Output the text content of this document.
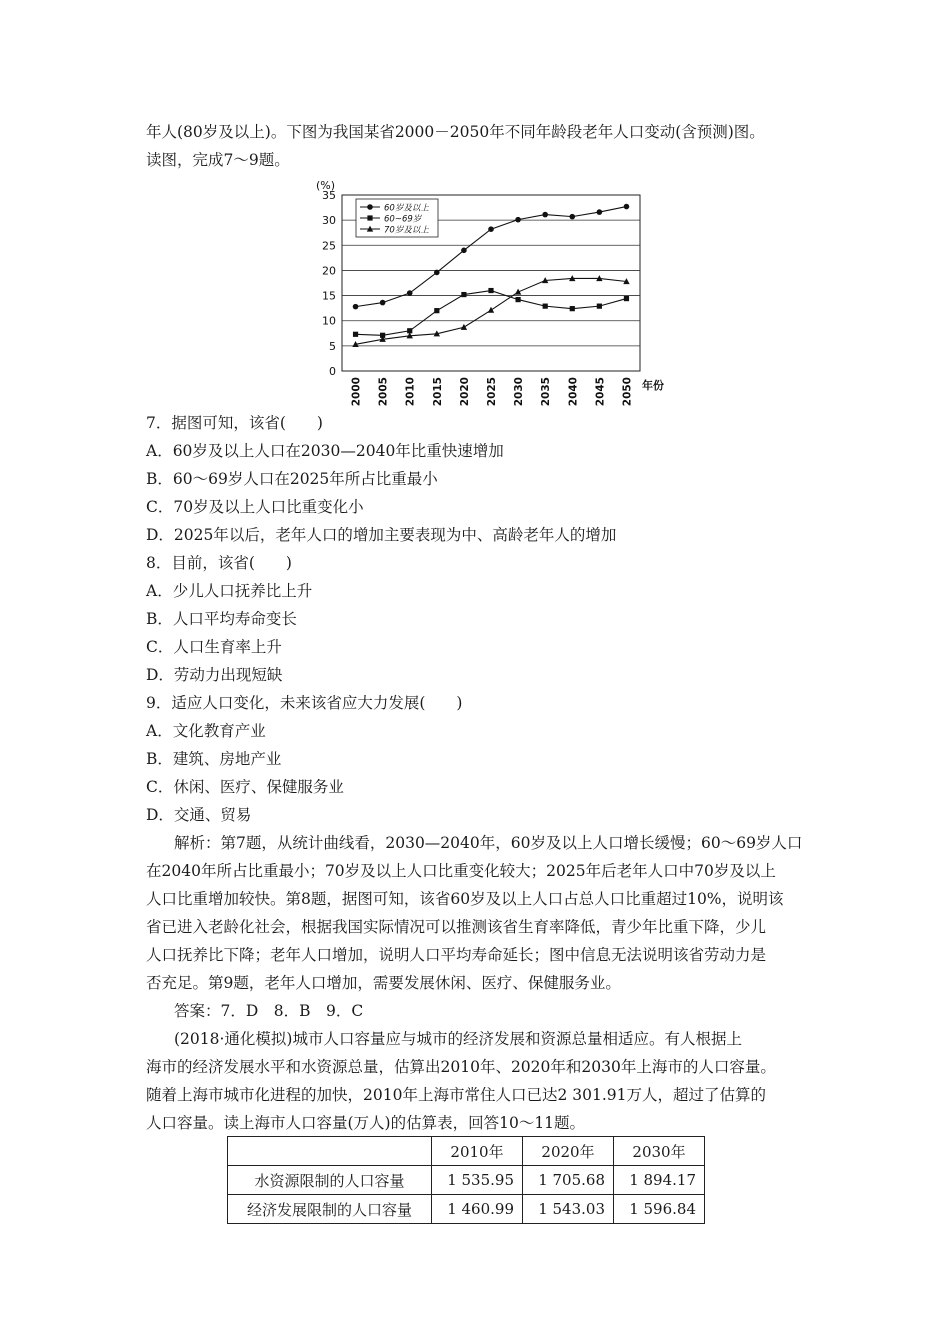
年人(80岁及以上)。下图为我国某省2000－2050年不同年龄段老年人口变动(含预测)图。
读图，完成7～9题。
0
5
10
15
20
25
30
35
(%)
2000 2005 2010 2015 2020 2025 2030 2035 2040 2045 2050 年份
60岁及以上
60~69岁
70岁及以上
7．据图可知，该省(　　)
A．60岁及以上人口在2030—2040年比重快速增加
B．60～69岁人口在2025年所占比重最小
C．70岁及以上人口比重变化小
D．2025年以后，老年人口的增加主要表现为中、高龄老年人的增加
8．目前，该省(　　)
A．少儿人口抚养比上升
B．人口平均寿命变长
C．人口生育率上升
D．劳动力出现短缺
9．适应人口变化，未来该省应大力发展(　　)
A．文化教育产业
B．建筑、房地产业
C．休闲、医疗、保健服务业
D．交通、贸易
解析：第7题，从统计曲线看，2030—2040年，60岁及以上人口增长缓慢；60～69岁人口
在2040年所占比重最小；70岁及以上人口比重变化较大；2025年后老年人口中70岁及以上
人口比重增加较快。第8题，据图可知，该省60岁及以上人口占总人口比重超过10%，说明该
省已进入老龄化社会，根据我国实际情况可以推测该省生育率降低，青少年比重下降，少儿
人口抚养比下降；老年人口增加，说明人口平均寿命延长；图中信息无法说明该省劳动力是
否充足。第9题，老年人口增加，需要发展休闲、医疗、保健服务业。
答案：7．D　8．B　9．C
(2018·通化模拟)城市人口容量应与城市的经济发展和资源总量相适应。有人根据上
海市的经济发展水平和水资源总量，估算出2010年、2020年和2030年上海市的人口容量。
随着上海市城市化进程的加快，2010年上海市常住人口已达2 301.91万人，超过了估算的
人口容量。读上海市人口容量(万人)的估算表，回答10～11题。
	2010年	2020年	2030年
水资源限制的人口容量	1 535.95	1 705.68	1 894.17
经济发展限制的人口容量	1 460.99	1 543.03	1 596.84
